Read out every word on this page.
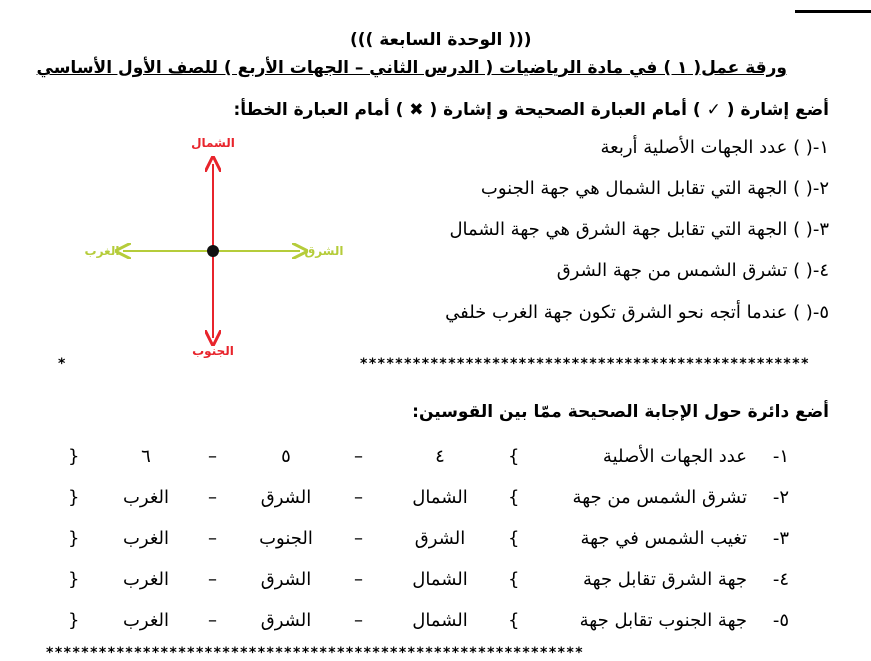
((( الوحدة السابعة )))
ورقة عمل( ١ ) في مادة الرياضيات ( الدرس الثاني – الجهات الأربع ) للصف الأول الأساسي
أضع إشارة ( ✓ ) أمام العبارة الصحيحة و إشارة ( ✖ ) أمام العبارة الخطأ:
١-( ) عدد الجهات الأصلية أربعة
٢-( ) الجهة التي تقابل الشمال هي جهة الجنوب
٣-( ) الجهة التي تقابل جهة الشرق هي جهة الشمال
٤-( ) تشرق الشمس من جهة الشرق
٥-( ) عندما أتجه نحو الشرق تكون جهة الغرب خلفي
الشمال
الجنوب
الشرق
الغرب
*	***************************************************
أضع دائرة حول الإجابة الصحيحة ممّا بين القوسين:
١-
عدد الجهات الأصلية
{
٤
–
٥
–
٦
}
٢-
تشرق الشمس من جهة
{
الشمال
–
الشرق
–
الغرب
}
٣-
تغيب الشمس في جهة
{
الشرق
–
الجنوب
–
الغرب
}
٤-
جهة الشرق تقابل جهة
{
الشمال
–
الشرق
–
الغرب
}
٥-
جهة الجنوب تقابل جهة
{
الشمال
–
الشرق
–
الغرب
}
*************************************************************
